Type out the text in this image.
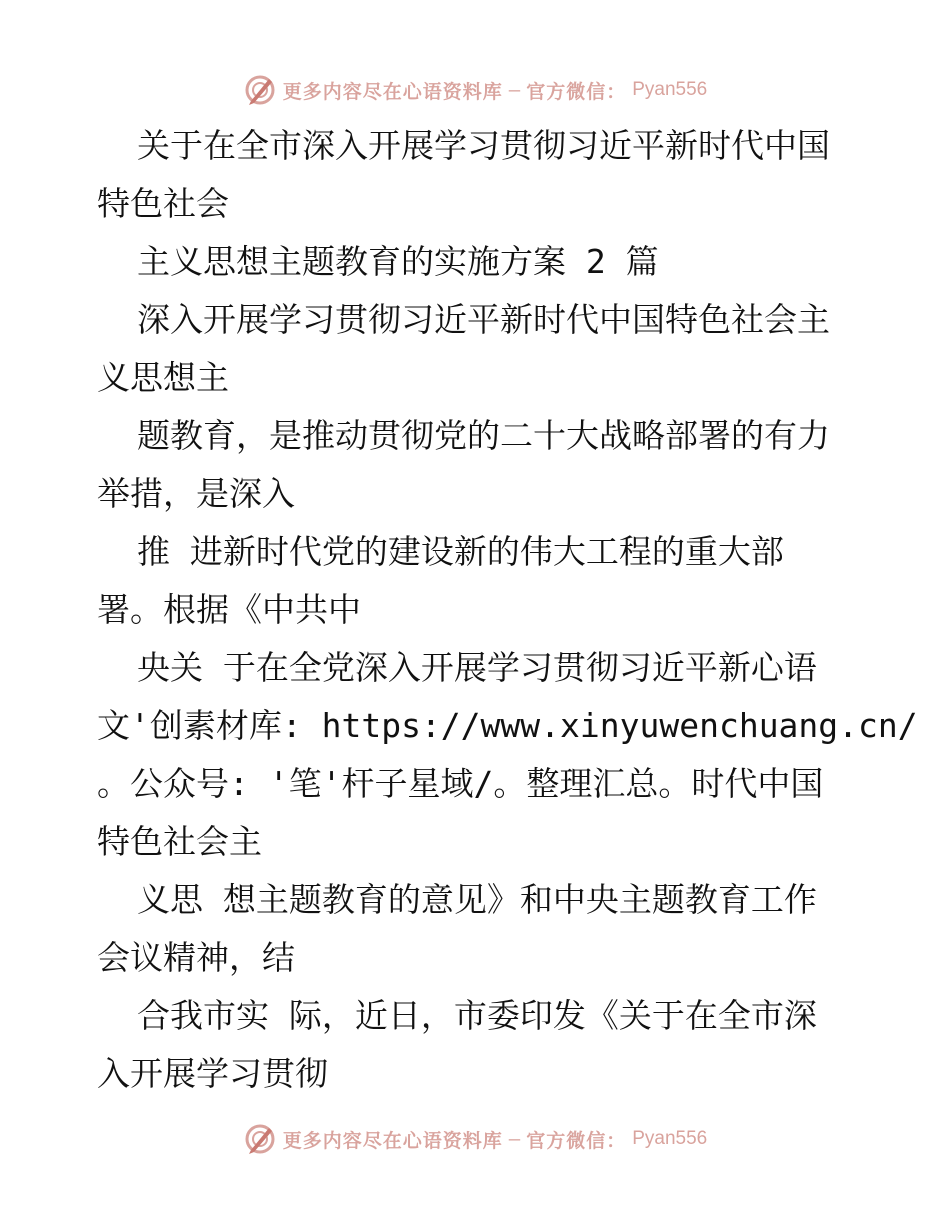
更多内容尽在心语资料库 — 官方微信： Pyan556
关于在全市深入开展学习贯彻习近平新时代中国
特色社会
主义思想主题教育的实施方案 2 篇
深入开展学习贯彻习近平新时代中国特色社会主
义思想主
题教育，是推动贯彻党的二十大战略部署的有力
举措，是深入
推 进新时代党的建设新的伟大工程的重大部
署。根据《中共中
央关 于在全党深入开展学习贯彻习近平新心语
文'创素材库: https://www.xinyuwenchuang.cn/
。公众号: '笔'杆子星域/。整理汇总。时代中国
特色社会主
义思 想主题教育的意见》和中央主题教育工作
会议精神，结
合我市实 际，近日，市委印发《关于在全市深
入开展学习贯彻
更多内容尽在心语资料库 — 官方微信： Pyan556
